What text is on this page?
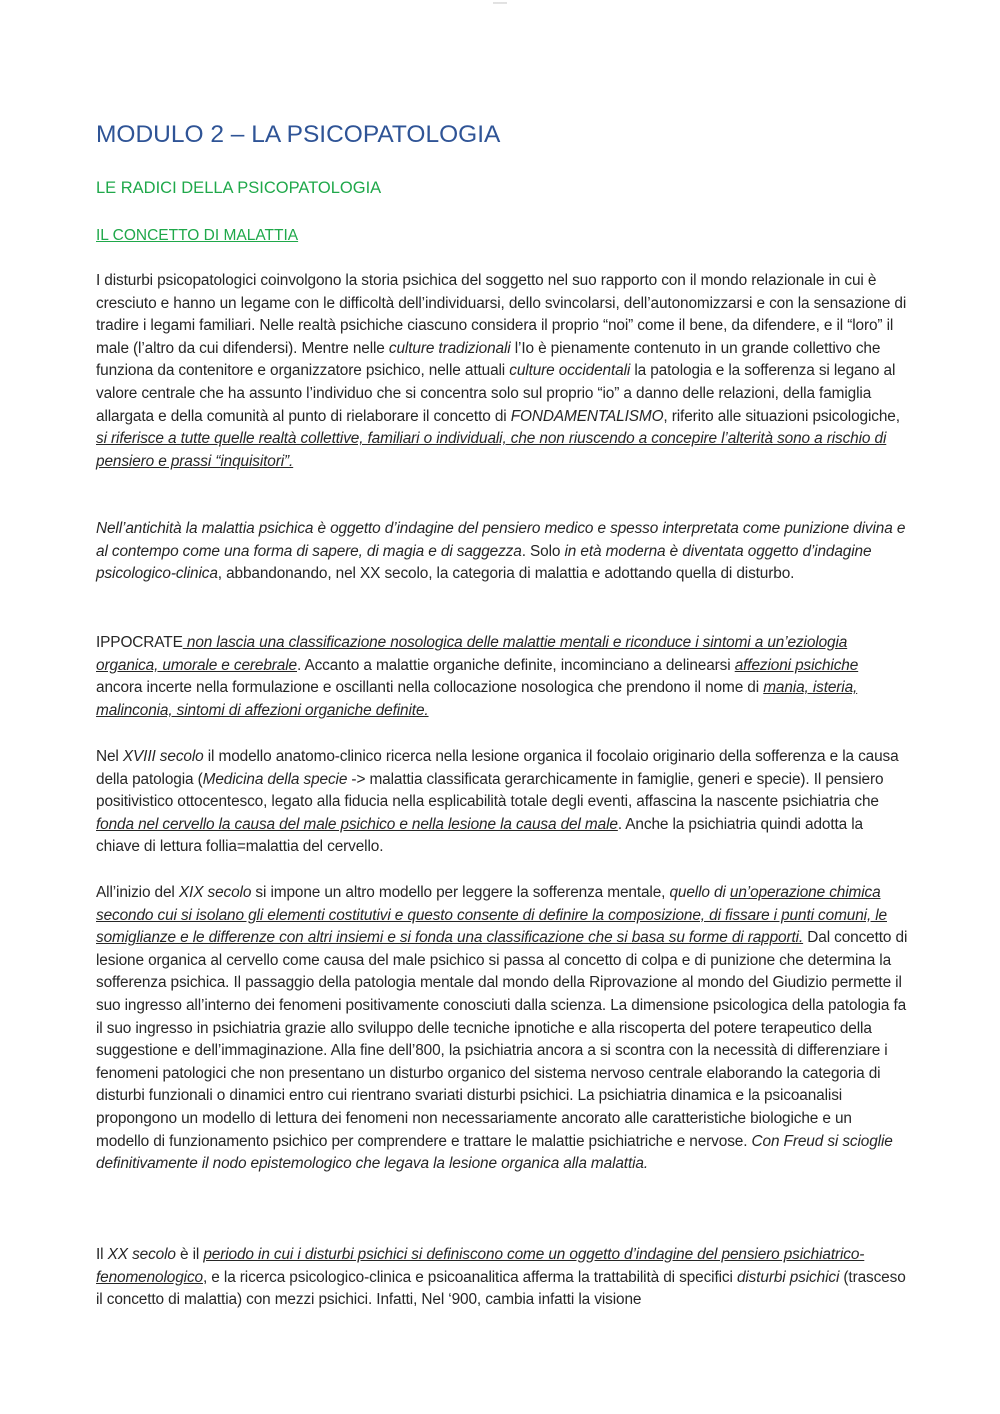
xxxxxxx
MODULO 2 – LA PSICOPATOLOGIA
LE RADICI DELLA PSICOPATOLOGIA
IL CONCETTO DI MALATTIA

I disturbi psicopatologici coinvolgono la storia psichica del soggetto nel suo rapporto con il mondo relazionale in cui è cresciuto e hanno un legame con le difficoltà dell’individuarsi, dello svincolarsi, dell’autonomizzarsi e con la sensazione di tradire i legami familiari. Nelle realtà psichiche ciascuno considera il proprio “noi” come il bene, da difendere, e il “loro” il male (l’altro da cui difendersi). Mentre nelle culture tradizionali l’Io è pienamente contenuto in un grande collettivo che funziona da contenitore e organizzatore psichico, nelle attuali culture occidentali la patologia e la sofferenza si legano al valore centrale che ha assunto l’individuo che si concentra solo sul proprio “io” a danno delle relazioni, della famiglia allargata e della comunità al punto di rielaborare il concetto di FONDAMENTALISMO, riferito alle situazioni psicologiche, si riferisce a tutte quelle realtà collettive, familiari o individuali, che non riuscendo a concepire l’alterità sono a rischio di pensiero e prassi “inquisitori”.

Nell’antichità la malattia psichica è oggetto d’indagine del pensiero medico e spesso interpretata come punizione divina e al contempo come una forma di sapere, di magia e di saggezza. Solo in età moderna è diventata oggetto d’indagine psicologico-clinica, abbandonando, nel XX secolo, la categoria di malattia e adottando quella di disturbo.

IPPOCRATE non lascia una classificazione nosologica delle malattie mentali e riconduce i sintomi a un’eziologia organica, umorale e cerebrale. Accanto a malattie organiche definite, incominciano a delinearsi affezioni psichiche ancora incerte nella formulazione e oscillanti nella collocazione nosologica che prendono il nome di mania, isteria, malinconia, sintomi di affezioni organiche definite.

Nel XVIII secolo il modello anatomo-clinico ricerca nella lesione organica il focolaio originario della sofferenza e la causa della patologia (Medicina della specie -> malattia classificata gerarchicamente in famiglie, generi e specie). Il pensiero positivistico ottocentesco, legato alla fiducia nella esplicabilità totale degli eventi, affascina la nascente psichiatria che fonda nel cervello la causa del male psichico e nella lesione la causa del male. Anche la psichiatria quindi adotta la chiave di lettura follia=malattia del cervello.

All’inizio del XIX secolo si impone un altro modello per leggere la sofferenza mentale, quello di un’operazione chimica secondo cui si isolano gli elementi costitutivi e questo consente di definire la composizione, di fissare i punti comuni, le somiglianze e le differenze con altri insiemi e si fonda una classificazione che si basa su forme di rapporti. Dal concetto di lesione organica al cervello come causa del male psichico si passa al concetto di colpa e di punizione che determina la sofferenza psichica. Il passaggio della patologia mentale dal mondo della Riprovazione al mondo del Giudizio permette il suo ingresso all’interno dei fenomeni positivamente conosciuti dalla scienza. La dimensione psicologica della patologia fa il suo ingresso in psichiatria grazie allo sviluppo delle tecniche ipnotiche e alla riscoperta del potere terapeutico della suggestione e dell’immaginazione. Alla fine dell’800, la psichiatria ancora a si scontra con la necessità di differenziare i fenomeni patologici che non presentano un disturbo organico del sistema nervoso centrale elaborando la categoria di disturbi funzionali o dinamici entro cui rientrano svariati disturbi psichici. La psichiatria dinamica e la psicoanalisi propongono un modello di lettura dei fenomeni non necessariamente ancorato alle caratteristiche biologiche e un modello di funzionamento psichico per comprendere e trattare le malattie psichiatriche e nervose. Con Freud si scioglie definitivamente il nodo epistemologico che legava la lesione organica alla malattia.

Il XX secolo è il periodo in cui i disturbi psichici si definiscono come un oggetto d’indagine del pensiero psichiatrico-fenomenologico, e la ricerca psicologico-clinica e psicoanalitica afferma la trattabilità di specifici disturbi psichici (trasceso il concetto di malattia) con mezzi psichici. Infatti, Nel ‘900, cambia infatti la visione
